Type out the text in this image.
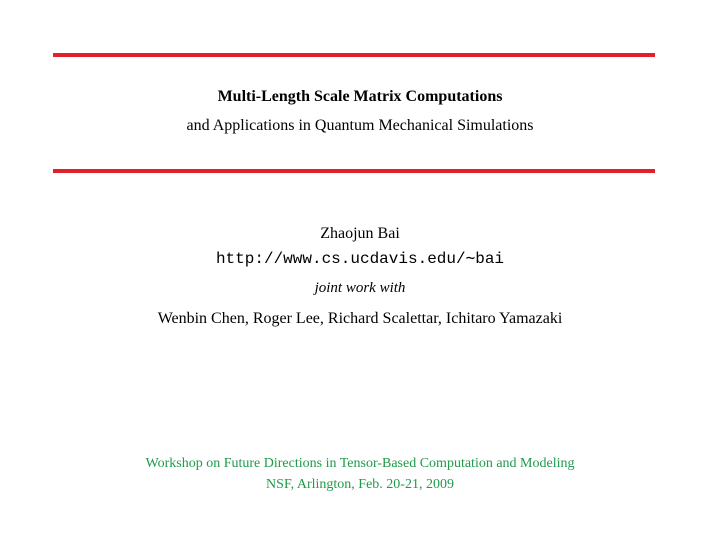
Multi-Length Scale Matrix Computations
and Applications in Quantum Mechanical Simulations
Zhaojun Bai
http://www.cs.ucdavis.edu/∼bai
joint work with
Wenbin Chen, Roger Lee, Richard Scalettar, Ichitaro Yamazaki
Workshop on Future Directions in Tensor-Based Computation and Modeling
NSF, Arlington, Feb. 20-21, 2009
